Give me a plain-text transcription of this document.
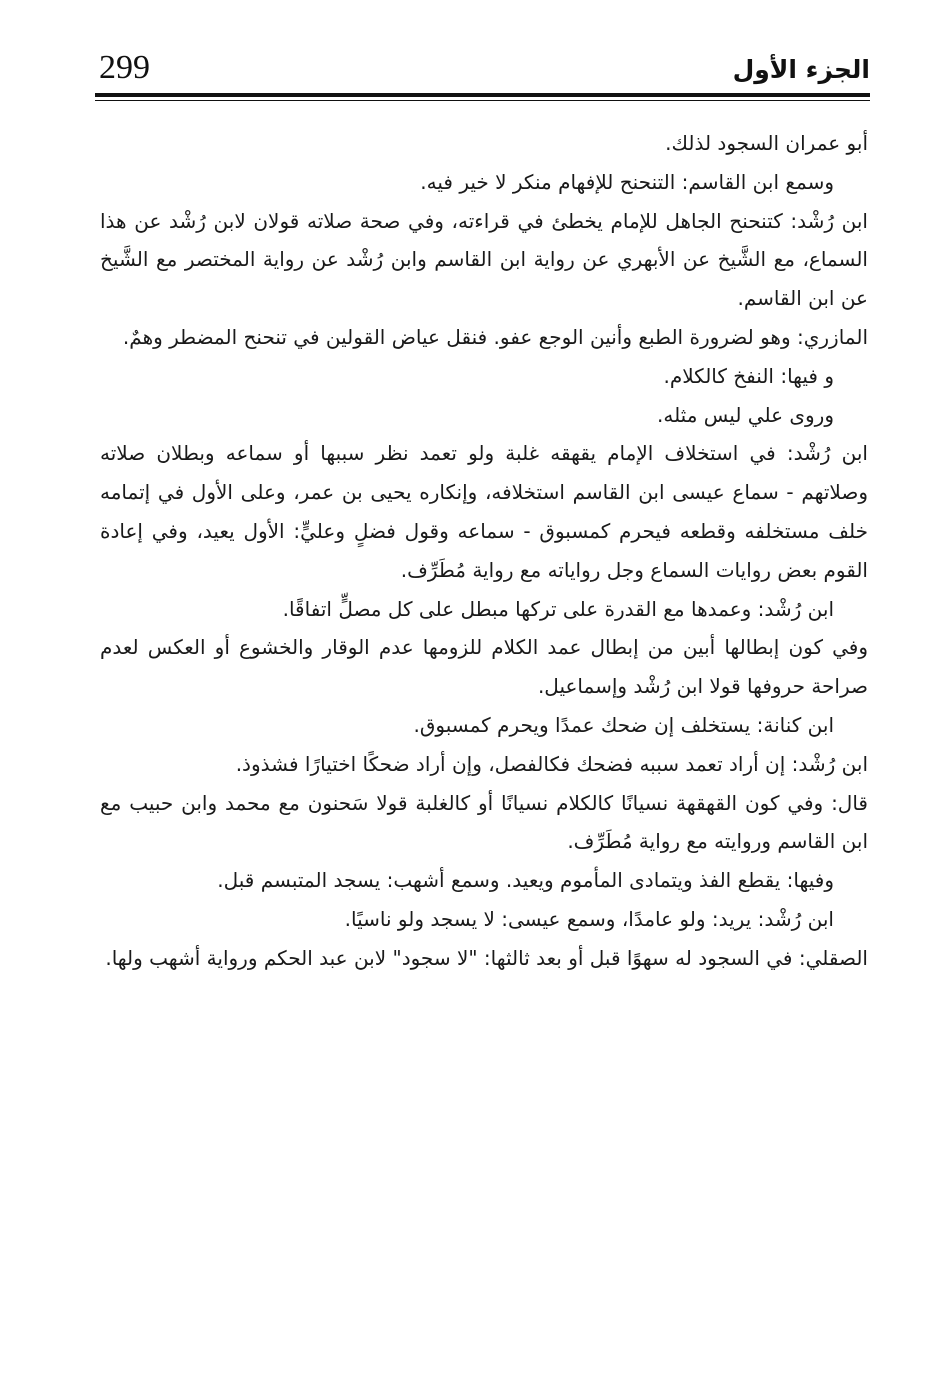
299	الجزء الأول

أبو عمران السجود لذلك.

وسمع ابن القاسم: التنحنح للإفهام منكر لا خير فيه.

ابن رُشْد: كتنحنح الجاهل للإمام يخطئ في قراءته، وفي صحة صلاته قولان لابن رُشْد عن هذا السماع، مع الشَّيخ عن الأبهري عن رواية ابن القاسم وابن رُشْد عن رواية المختصر مع الشَّيخ عن ابن القاسم.

المازري: وهو لضرورة الطبع وأنين الوجع عفو. فنقل عياض القولين في تنحنح المضطر وهمٌ.

و فيها: النفخ كالكلام.

وروى علي ليس مثله.

ابن رُشْد: في استخلاف الإمام يقهقه غلبة ولو تعمد نظر سببها أو سماعه وبطلان صلاته وصلاتهم - سماع عيسى ابن القاسم استخلافه، وإنكاره يحيى بن عمر، وعلى الأول في إتمامه خلف مستخلفه وقطعه فيحرم كمسبوق - سماعه وقول فضلٍ وعليٍّ: الأول يعيد، وفي إعادة القوم بعض روايات السماع وجل رواياته مع رواية مُطَرِّف.

ابن رُشْد: وعمدها مع القدرة على تركها مبطل على كل مصلٍّ اتفاقًا.

وفي كون إبطالها أبين من إبطال عمد الكلام للزومها عدم الوقار والخشوع أو العكس لعدم صراحة حروفها قولا ابن رُشْد وإسماعيل.

ابن كنانة: يستخلف إن ضحك عمدًا ويحرم كمسبوق.

ابن رُشْد: إن أراد تعمد سببه فضحك فكالفصل، وإن أراد ضحكًا اختيارًا فشذوذ.

قال: وفي كون القهقهة نسيانًا كالكلام نسيانًا أو كالغلبة قولا سَحنون مع محمد وابن حبيب مع ابن القاسم وروايته مع رواية مُطَرِّف.

وفيها: يقطع الفذ ويتمادى المأموم ويعيد. وسمع أشهب: يسجد المتبسم قبل.

ابن رُشْد: يريد: ولو عامدًا، وسمع عيسى: لا يسجد ولو ناسيًا.

الصقلي: في السجود له سهوًا قبل أو بعد ثالثها: "لا سجود" لابن عبد الحكم ورواية أشهب ولها.
